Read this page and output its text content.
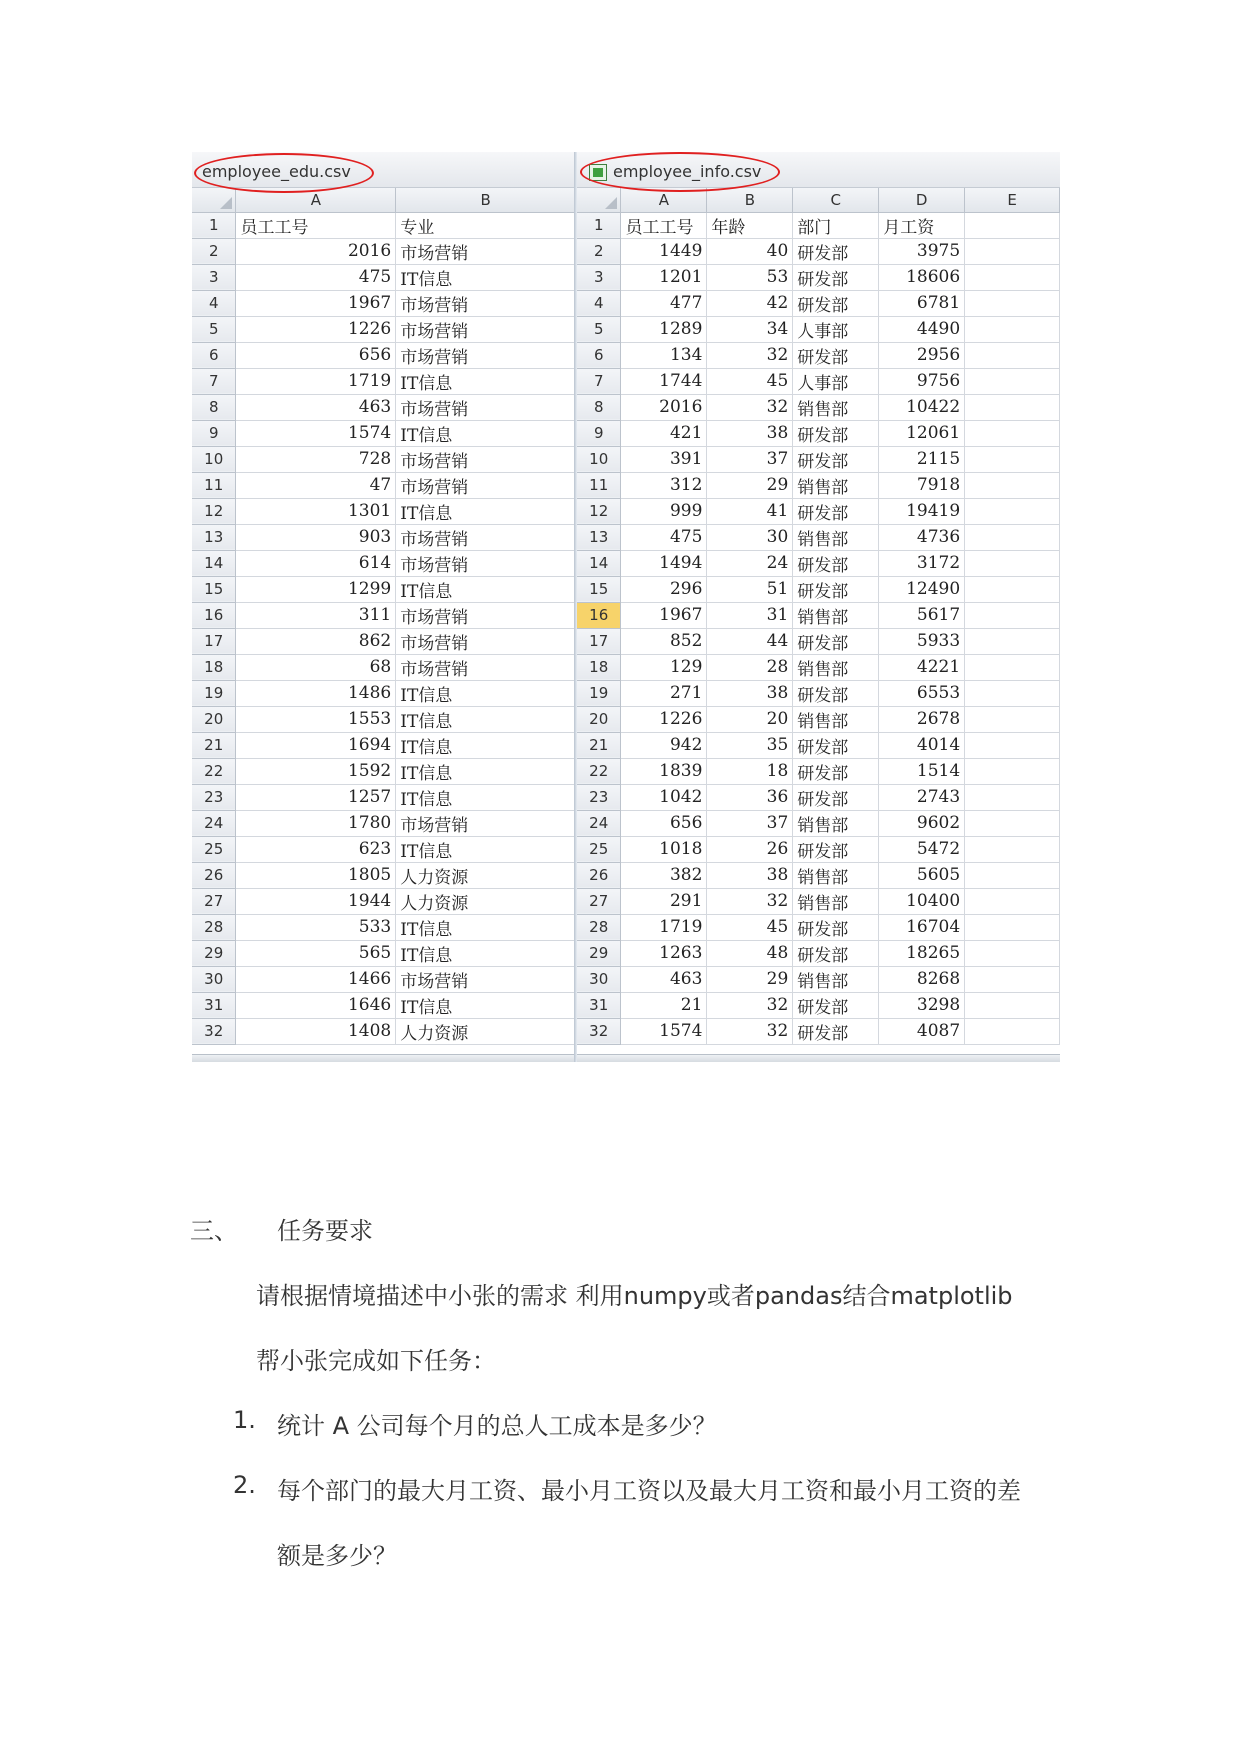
employee_edu.csv
	A	B
1	员工工号	专业
2	2016	市场营销
3	475	IT信息
4	1967	市场营销
5	1226	市场营销
6	656	市场营销
7	1719	IT信息
8	463	市场营销
9	1574	IT信息
10	728	市场营销
11	47	市场营销
12	1301	IT信息
13	903	市场营销
14	614	市场营销
15	1299	IT信息
16	311	市场营销
17	862	市场营销
18	68	市场营销
19	1486	IT信息
20	1553	IT信息
21	1694	IT信息
22	1592	IT信息
23	1257	IT信息
24	1780	市场营销
25	623	IT信息
26	1805	人力资源
27	1944	人力资源
28	533	IT信息
29	565	IT信息
30	1466	市场营销
31	1646	IT信息
32	1408	人力资源
employee_info.csv
	A	B	C	D	E
1	员工工号	年龄	部门	月工资	
2	1449	40	研发部	3975	
3	1201	53	研发部	18606	
4	477	42	研发部	6781	
5	1289	34	人事部	4490	
6	134	32	研发部	2956	
7	1744	45	人事部	9756	
8	2016	32	销售部	10422	
9	421	38	研发部	12061	
10	391	37	研发部	2115	
11	312	29	销售部	7918	
12	999	41	研发部	19419	
13	475	30	销售部	4736	
14	1494	24	研发部	3172	
15	296	51	研发部	12490	
16	1967	31	销售部	5617	
17	852	44	研发部	5933	
18	129	28	销售部	4221	
19	271	38	研发部	6553	
20	1226	20	销售部	2678	
21	942	35	研发部	4014	
22	1839	18	研发部	1514	
23	1042	36	研发部	2743	
24	656	37	销售部	9602	
25	1018	26	研发部	5472	
26	382	38	销售部	5605	
27	291	32	销售部	10400	
28	1719	45	研发部	16704	
29	1263	48	研发部	18265	
30	463	29	销售部	8268	
31	21	32	研发部	3298	
32	1574	32	研发部	4087	
三、 任务要求
请根据情境描述中小张的需求 利用numpy或者pandas结合matplotlib
帮小张完成如下任务：
1. 统计 A 公司每个月的总人工成本是多少？
2. 每个部门的最大月工资、最小月工资以及最大月工资和最小月工资的差
额是多少？
